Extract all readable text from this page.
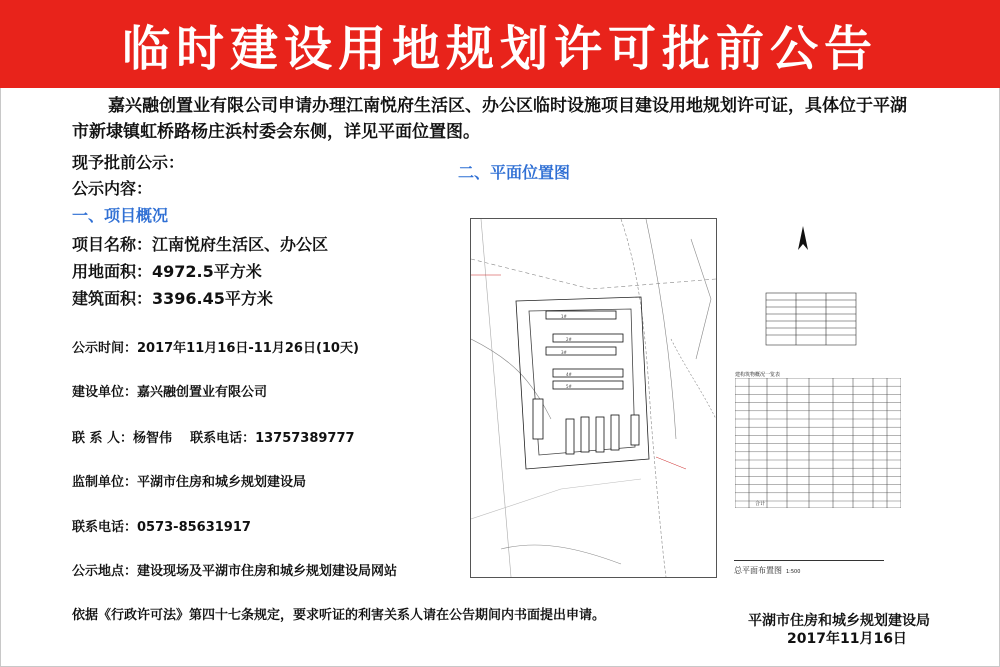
临时建设用地规划许可批前公告
嘉兴融创置业有限公司申请办理江南悦府生活区、办公区临时设施项目建设用地规划许可证，具体位于平湖市新埭镇虹桥路杨庄浜村委会东侧，详见平面位置图。
现予批前公示：
公示内容：
一、项目概况
二、平面位置图
项目名称：江南悦府生活区、办公区
用地面积：4972.5平方米
建筑面积：3396.45平方米
公示时间：2017年11月16日-11月26日(10天)
建设单位：嘉兴融创置业有限公司
联 系 人：杨智伟 联系电话：13757389777
监制单位：平湖市住房和城乡规划建设局
联系电话：0573-85631917
公示地点：建设现场及平湖市住房和城乡规划建设局网站
依据《行政许可法》第四十七条规定，要求听证的利害关系人请在公告期间内书面提出申请。	平湖市住房和城乡规划建设局
2017年11月16日
1#
2#
3#
4#
5#
总平面布置图 1:500
合计
建构筑物概况一览表
